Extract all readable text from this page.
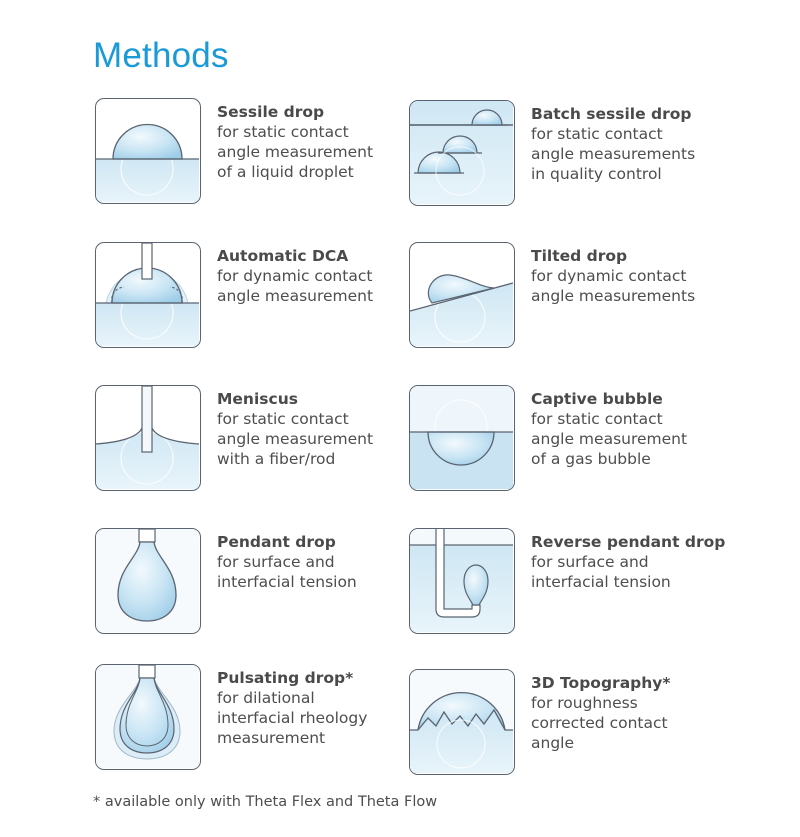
Methods
Sessile drop
for static contact
angle measurement
of a liquid droplet
Batch sessile drop
for static contact
angle measurements
in quality control
Automatic DCA
for dynamic contact
angle measurement
Tilted drop
for dynamic contact
angle measurements
Meniscus
for static contact
angle measurement
with a fiber/rod
Captive bubble
for static contact
angle measurement
of a gas bubble
Pendant drop
for surface and
interfacial tension
Reverse pendant drop
for surface and
interfacial tension
Pulsating drop*
for dilational
interfacial rheology
measurement
3D Topography*
for roughness
corrected contact
angle
* available only with Theta Flex and Theta Flow
